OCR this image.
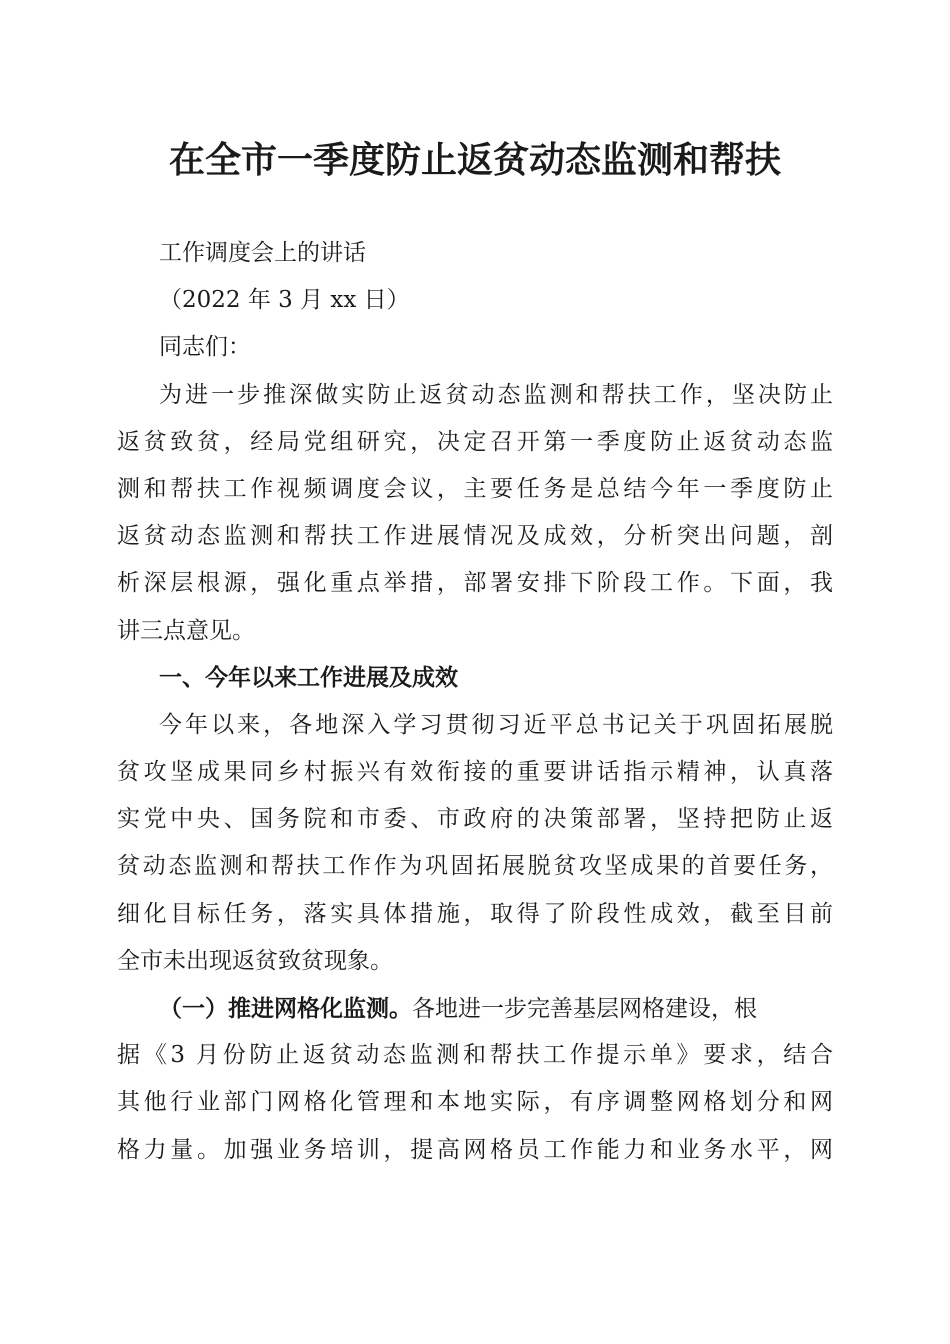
在全市一季度防止返贫动态监测和帮扶
工作调度会上的讲话
（2022 年 3 月 xx 日）
同志们：
为进一步推深做实防止返贫动态监测和帮扶工作，坚决防止
返贫致贫，经局党组研究，决定召开第一季度防止返贫动态监
测和帮扶工作视频调度会议，主要任务是总结今年一季度防止
返贫动态监测和帮扶工作进展情况及成效，分析突出问题，剖
析深层根源，强化重点举措，部署安排下阶段工作。下面，我
讲三点意见。
一、今年以来工作进展及成效
今年以来，各地深入学习贯彻习近平总书记关于巩固拓展脱
贫攻坚成果同乡村振兴有效衔接的重要讲话指示精神，认真落
实党中央、国务院和市委、市政府的决策部署，坚持把防止返
贫动态监测和帮扶工作作为巩固拓展脱贫攻坚成果的首要任务，
细化目标任务，落实具体措施，取得了阶段性成效，截至目前
全市未出现返贫致贫现象。
（一）推进网格化监测。各地进一步完善基层网格建设，根
据《3 月份防止返贫动态监测和帮扶工作提示单》要求，结合
其他行业部门网格化管理和本地实际，有序调整网格划分和网
格力量。加强业务培训，提高网格员工作能力和业务水平，网
